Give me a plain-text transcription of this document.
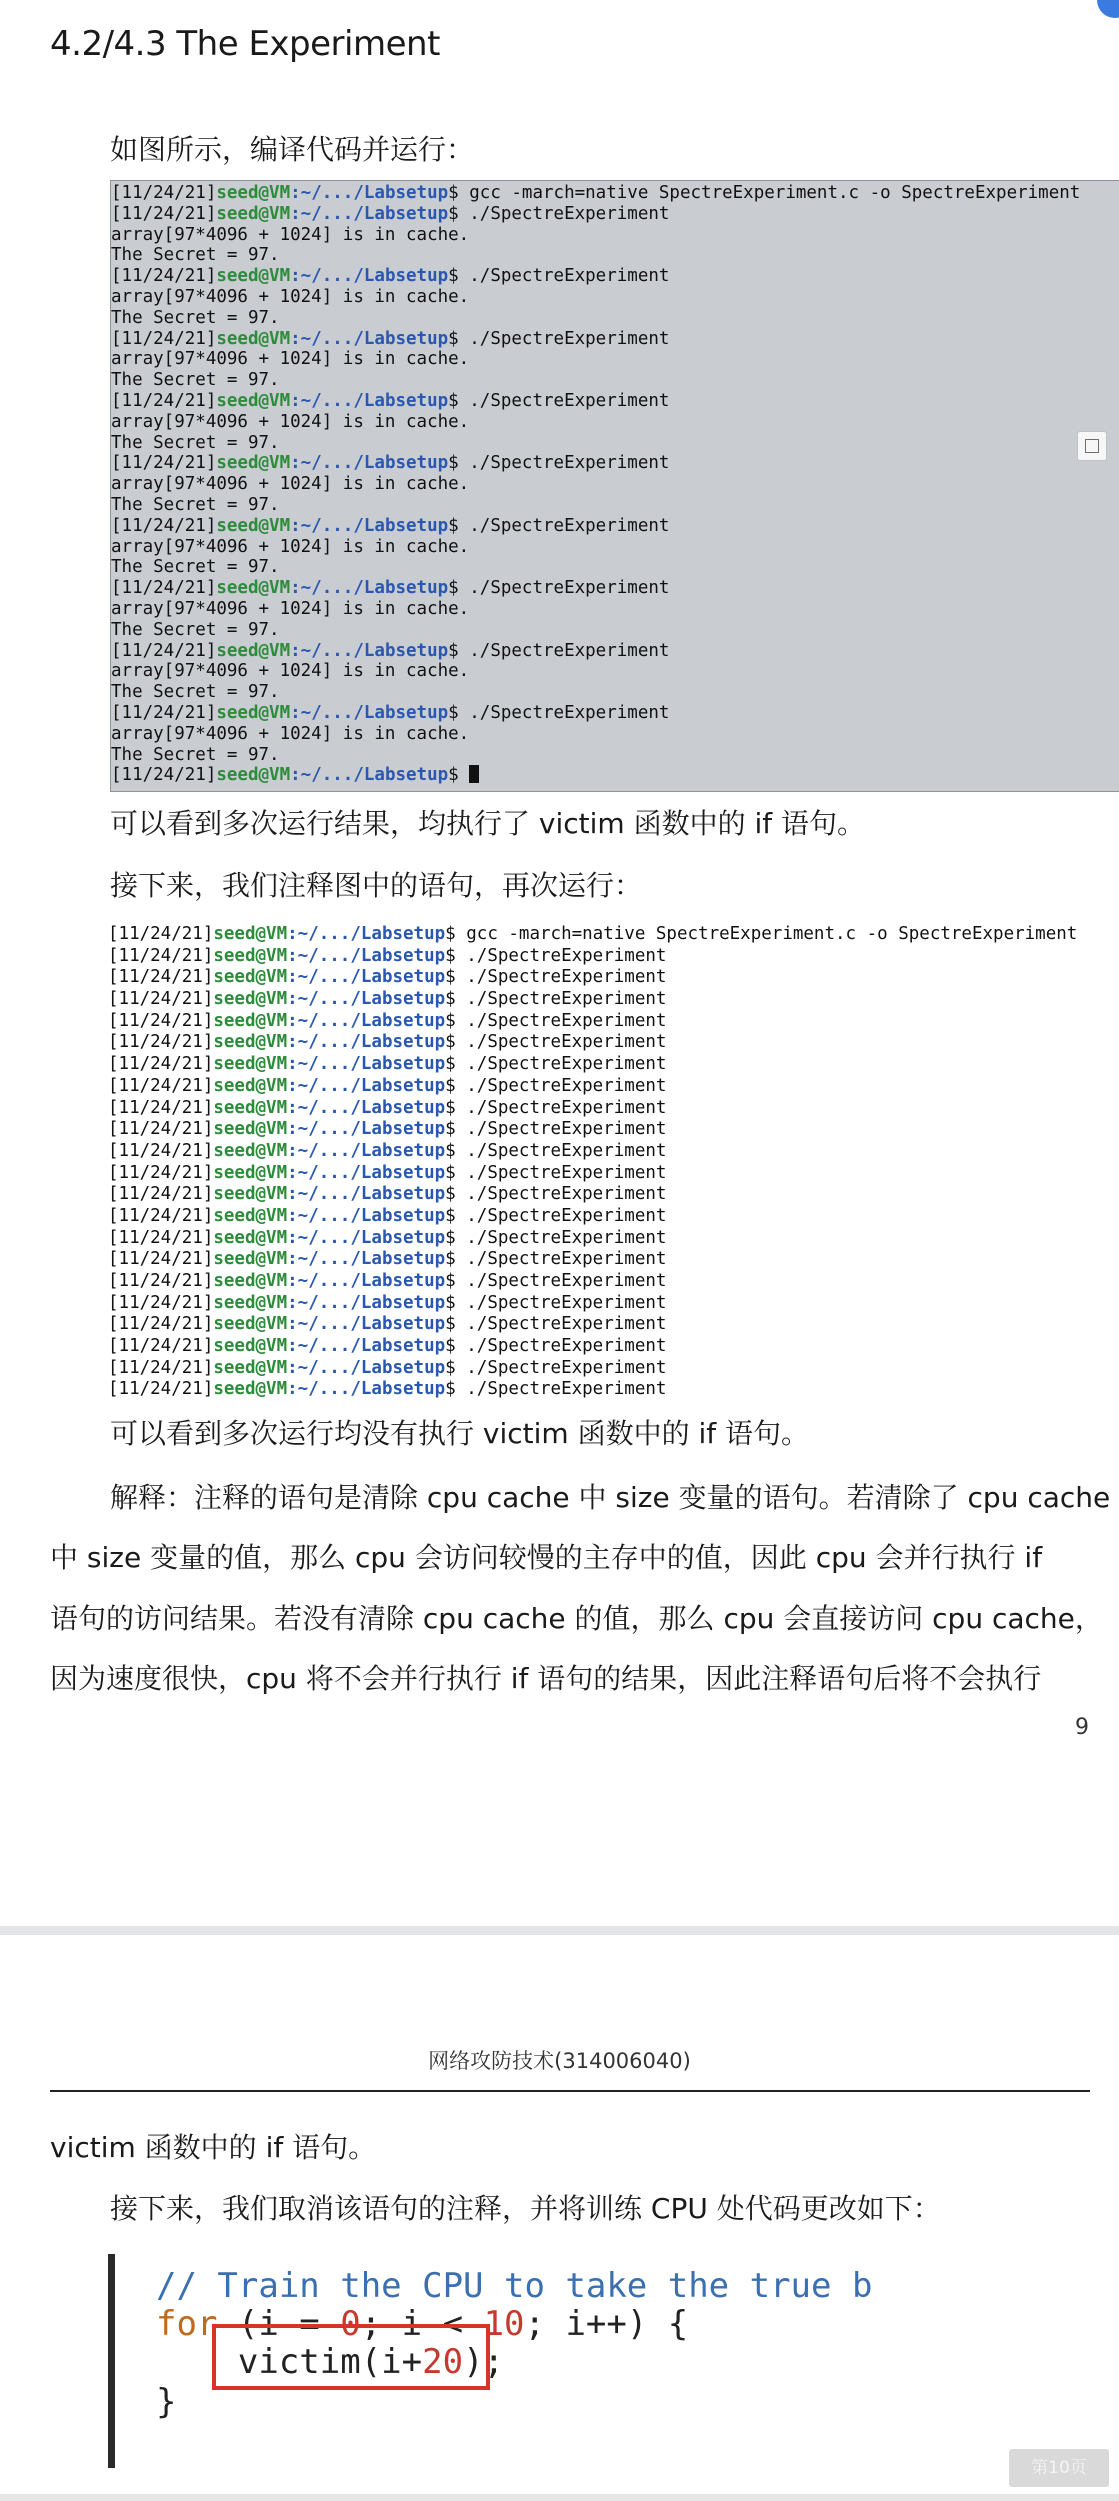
4.2/4.3 The Experiment
如图所示，编译代码并运行：
[11/24/21]seed@VM:~/.../Labsetup$ gcc -march=native SpectreExperiment.c -o SpectreExperiment
[11/24/21]seed@VM:~/.../Labsetup$ ./SpectreExperiment
array[97*4096 + 1024] is in cache.
The Secret = 97.
[11/24/21]seed@VM:~/.../Labsetup$ ./SpectreExperiment
array[97*4096 + 1024] is in cache.
The Secret = 97.
[11/24/21]seed@VM:~/.../Labsetup$ ./SpectreExperiment
array[97*4096 + 1024] is in cache.
The Secret = 97.
[11/24/21]seed@VM:~/.../Labsetup$ ./SpectreExperiment
array[97*4096 + 1024] is in cache.
The Secret = 97.
[11/24/21]seed@VM:~/.../Labsetup$ ./SpectreExperiment
array[97*4096 + 1024] is in cache.
The Secret = 97.
[11/24/21]seed@VM:~/.../Labsetup$ ./SpectreExperiment
array[97*4096 + 1024] is in cache.
The Secret = 97.
[11/24/21]seed@VM:~/.../Labsetup$ ./SpectreExperiment
array[97*4096 + 1024] is in cache.
The Secret = 97.
[11/24/21]seed@VM:~/.../Labsetup$ ./SpectreExperiment
array[97*4096 + 1024] is in cache.
The Secret = 97.
[11/24/21]seed@VM:~/.../Labsetup$ ./SpectreExperiment
array[97*4096 + 1024] is in cache.
The Secret = 97.
[11/24/21]seed@VM:~/.../Labsetup$
可以看到多次运行结果，均执行了 victim 函数中的 if 语句。
接下来，我们注释图中的语句，再次运行：
[11/24/21]seed@VM:~/.../Labsetup$ gcc -march=native SpectreExperiment.c -o SpectreExperiment
[11/24/21]seed@VM:~/.../Labsetup$ ./SpectreExperiment
[11/24/21]seed@VM:~/.../Labsetup$ ./SpectreExperiment
[11/24/21]seed@VM:~/.../Labsetup$ ./SpectreExperiment
[11/24/21]seed@VM:~/.../Labsetup$ ./SpectreExperiment
[11/24/21]seed@VM:~/.../Labsetup$ ./SpectreExperiment
[11/24/21]seed@VM:~/.../Labsetup$ ./SpectreExperiment
[11/24/21]seed@VM:~/.../Labsetup$ ./SpectreExperiment
[11/24/21]seed@VM:~/.../Labsetup$ ./SpectreExperiment
[11/24/21]seed@VM:~/.../Labsetup$ ./SpectreExperiment
[11/24/21]seed@VM:~/.../Labsetup$ ./SpectreExperiment
[11/24/21]seed@VM:~/.../Labsetup$ ./SpectreExperiment
[11/24/21]seed@VM:~/.../Labsetup$ ./SpectreExperiment
[11/24/21]seed@VM:~/.../Labsetup$ ./SpectreExperiment
[11/24/21]seed@VM:~/.../Labsetup$ ./SpectreExperiment
[11/24/21]seed@VM:~/.../Labsetup$ ./SpectreExperiment
[11/24/21]seed@VM:~/.../Labsetup$ ./SpectreExperiment
[11/24/21]seed@VM:~/.../Labsetup$ ./SpectreExperiment
[11/24/21]seed@VM:~/.../Labsetup$ ./SpectreExperiment
[11/24/21]seed@VM:~/.../Labsetup$ ./SpectreExperiment
[11/24/21]seed@VM:~/.../Labsetup$ ./SpectreExperiment
[11/24/21]seed@VM:~/.../Labsetup$ ./SpectreExperiment
可以看到多次运行均没有执行 victim 函数中的 if 语句。
解释：注释的语句是清除 cpu cache 中 size 变量的语句。若清除了 cpu cache
中 size 变量的值，那么 cpu 会访问较慢的主存中的值，因此 cpu 会并行执行 if
语句的访问结果。若没有清除 cpu cache 的值，那么 cpu 会直接访问 cpu cache，
因为速度很快，cpu 将不会并行执行 if 语句的结果，因此注释语句后将不会执行
9
网络攻防技术(314006040)
victim 函数中的 if 语句。
接下来，我们取消该语句的注释，并将训练 CPU 处代码更改如下：
// Train the CPU to take the true b
for (i = 0; i < 10; i++) {
victim(i+20);
}
第10页
